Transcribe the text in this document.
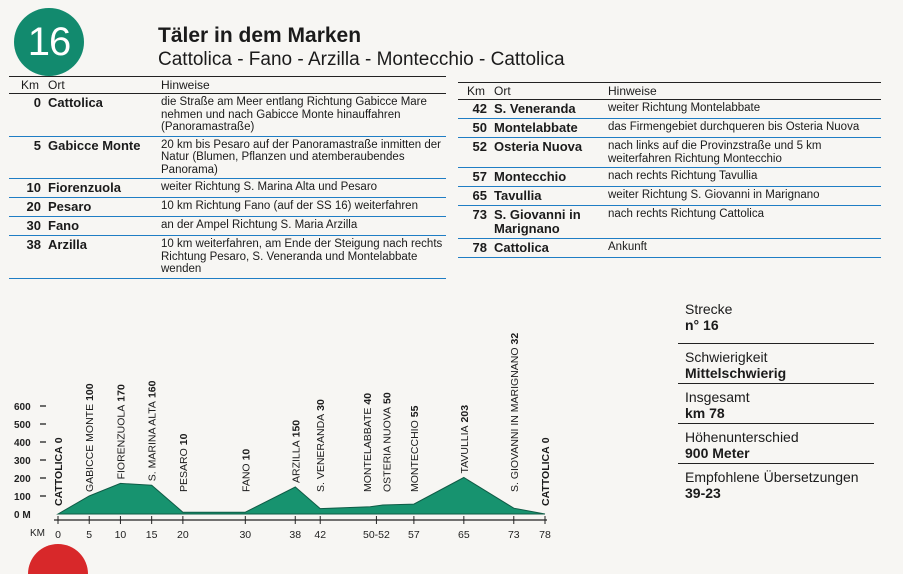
16	Täler in dem Marken
Cattolica - Fano - Arzilla - Montecchio - Cattolica
Km	Ort	Hinweise
0	Cattolica	die Straße am Meer entlang Richtung Gabicce Mare nehmen und nach Gabicce Monte hinauffahren (Panoramastraße)
5	Gabicce Monte	20 km bis Pesaro auf der Panoramastraße inmitten der Natur (Blumen, Pflanzen und atemberaubendes Panorama)
10	Fiorenzuola	weiter Richtung S. Marina Alta und Pesaro
20	Pesaro	10 km Richtung Fano (auf der SS 16) weiterfahren
30	Fano	an der Ampel Richtung S. Maria Arzilla
38	Arzilla	10 km weiterfahren, am Ende der Steigung nach rechts Richtung Pesaro, S. Veneranda und Montelabbate wenden
Km	Ort	Hinweise
42	S. Veneranda	weiter Richtung Montelabbate
50	Montelabbate	das Firmengebiet durchqueren bis Osteria Nuova
52	Osteria Nuova	nach links auf die Provinzstraße und 5 km weiterfahren Richtung Montecchio
57	Montecchio	nach rechts Richtung Tavullia
65	Tavullia	weiter Richtung S. Giovanni in Marignano
73	S. Giovanni in Marignano	nach rechts Richtung Cattolica
78	Cattolica	Ankunft
100
200
300
400
500
600
0 M
KM 0 5 10 15 20	30	38 42	50-52 57	65	73 78
CATTOLICA0 GABICCE MONTE100
FIORENZUOLA170
S. MARINA ALTA160
PESARO10
FANO10	ARZILLA150 S. VENERANDA30
MONTELABBATE40
OSTERIA NUOVA50
MONTECCHIO55
TAVULLIA203	S. GIOVANNI IN MARIGNANO32
CATTOLICA0
Strecke
n° 16
Schwierigkeit
Mittelschwierig
Insgesamt
km 78
Höhenunterschied
900 Meter
Empfohlene Übersetzungen
39-23
